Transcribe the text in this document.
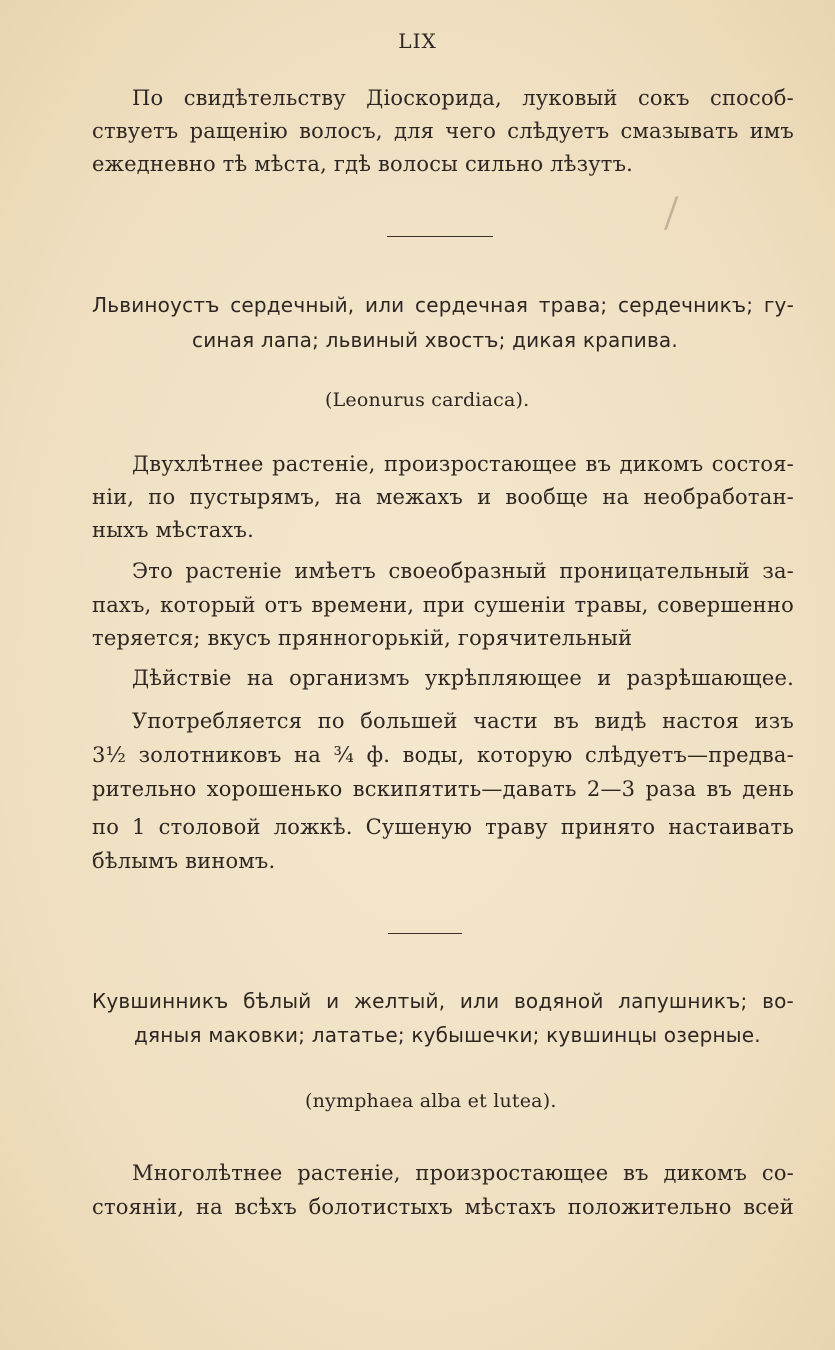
LIX
По свидѣтельству Діоскорида, луковый сокъ способ-
ствуетъ ращенію волосъ, для чего слѣдуетъ смазывать имъ
ежедневно тѣ мѣста, гдѣ волосы сильно лѣзутъ.
⁄
Львиноустъ сердечный, или сердечная трава; сердечникъ; гу-
синая лапа; львиный хвостъ; дикая крапива.
(Leonurus cardiaca).
Двухлѣтнее растеніе, произростающее въ дикомъ состоя-
ніи, по пустырямъ, на межахъ и вообще на необработан-
ныхъ мѣстахъ.
Это растеніе имѣетъ своеобразный проницательный за-
пахъ, который отъ времени, при сушеніи травы, совершенно
теряется; вкусъ прянногорькій, горячительный
Дѣйствіе на организмъ укрѣпляющее и разрѣшающее.
Употребляется по большей части въ видѣ настоя изъ
3½ золотниковъ на ¾ ф. воды, которую слѣдуетъ—предва-
рительно хорошенько вскипятить—давать 2—3 раза въ день
по 1 столовой ложкѣ. Сушеную траву принято настаивать
бѣлымъ виномъ.
Кувшинникъ бѣлый и желтый, или водяной лапушникъ; во-
дяныя маковки; лататье; кубышечки; кувшинцы озерные.
(nymphaea alba et lutea).
Многолѣтнее растеніе, произростающее въ дикомъ со-
стояніи, на всѣхъ болотистыхъ мѣстахъ положительно всей
